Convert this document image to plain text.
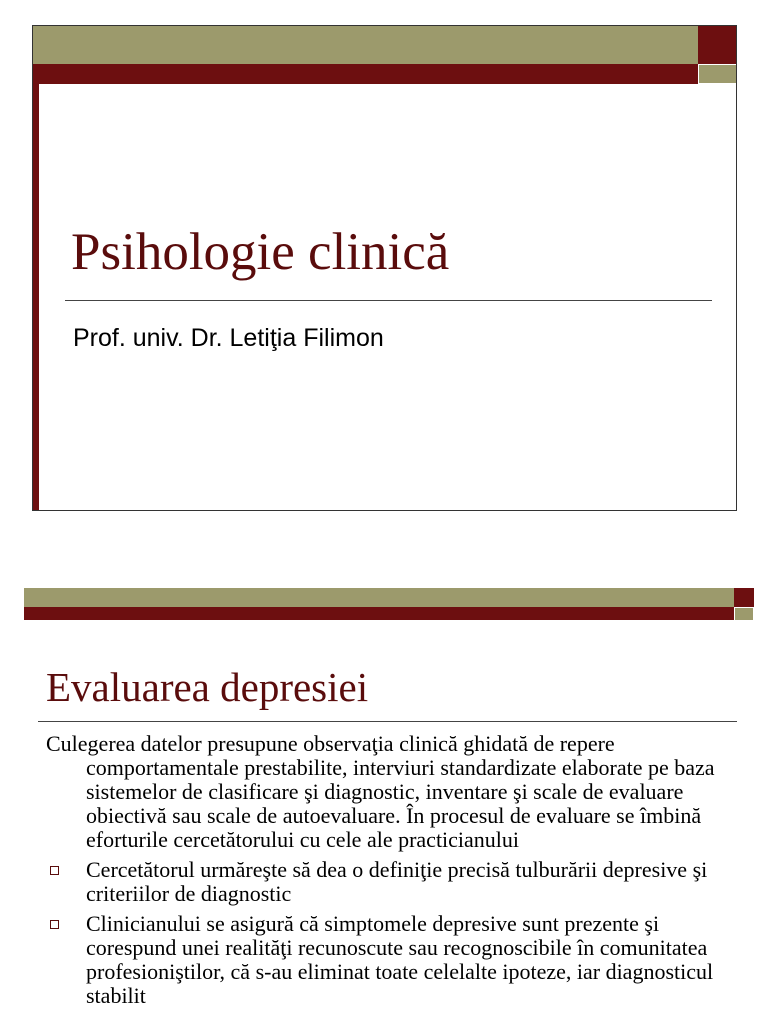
Psihologie clinică
Prof. univ. Dr. Letiţia Filimon
Evaluarea depresiei

Culegerea datelor presupune observaţia clinică ghidată de repere comportamentale prestabilite, interviuri standardizate elaborate pe baza sistemelor de clasificare şi diagnostic, inventare şi scale de evaluare obiectivă sau scale de autoevaluare. În procesul de evaluare se îmbină eforturile cercetătorului cu cele ale practicianului

Cercetătorul urmăreşte să dea o definiţie precisă tulburării depresive şi criteriilor de diagnostic
Clinicianului se asigură că simptomele depresive sunt prezente şi corespund unei realităţi recunoscute sau recognoscibile în comunitatea profesioniştilor, că s-au eliminat toate celelalte ipoteze, iar diagnosticul stabilit
